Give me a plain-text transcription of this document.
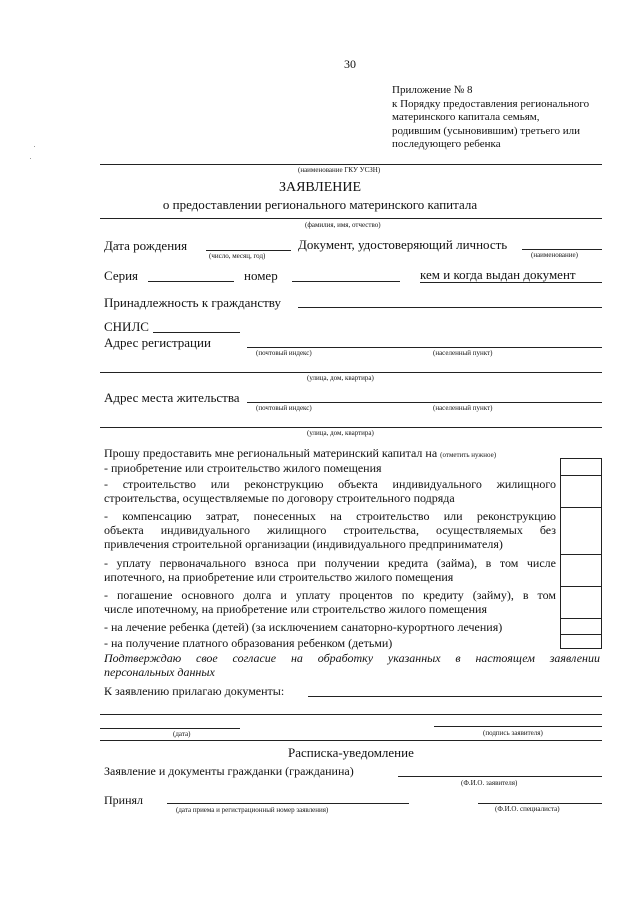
30
Приложение № 8
к Порядку предоставления регионального
материнского капитала семьям,
родившим (усыновившим) третьего или
последующего ребенка
(наименование ГКУ УСЗН)
ЗАЯВЛЕНИЕ
о предоставлении регионального материнского капитала
(фамилия, имя, отчество)
Дата рождения
(число, месяц, год)
Документ, удостоверяющий личность
(наименование)
Серия	номер	кем и когда выдан документ
Принадлежность к гражданству
СНИЛС
Адрес регистрации
(почтовый индекс)	(населенный пункт)
(улица, дом, квартира)
Адрес места жительства
(почтовый индекс)	(населенный пункт)
(улица, дом, квартира)
Прошу предоставить мне региональный материнский капитал на (отметить нужное)
- приобретение или строительство жилого помещения
- строительство или реконструкцию объекта индивидуального жилищного
строительства, осуществляемые по договору строительного подряда
- компенсацию затрат, понесенных на строительство или реконструкцию
объекта индивидуального жилищного строительства, осуществляемых без
привлечения строительной организации (индивидуального предпринимателя)
- уплату первоначального взноса при получении кредита (займа), в том числе
ипотечного, на приобретение или строительство жилого помещения
- погашение основного долга и уплату процентов по кредиту (займу), в том
числе ипотечному, на приобретение или строительство жилого помещения
- на лечение ребенка (детей) (за исключением санаторно-курортного лечения)
- на получение платного образования ребенком (детьми)
Подтверждаю свое согласие на обработку указанных в настоящем заявлении
персональных данных
К заявлению прилагаю документы:
(дата)	(подпись заявителя)
Расписка-уведомление
Заявление и документы гражданки (гражданина)
(Ф.И.О. заявителя)
Принял
(дата приема и регистрационный номер заявления)	(Ф.И.О. специалиста)
